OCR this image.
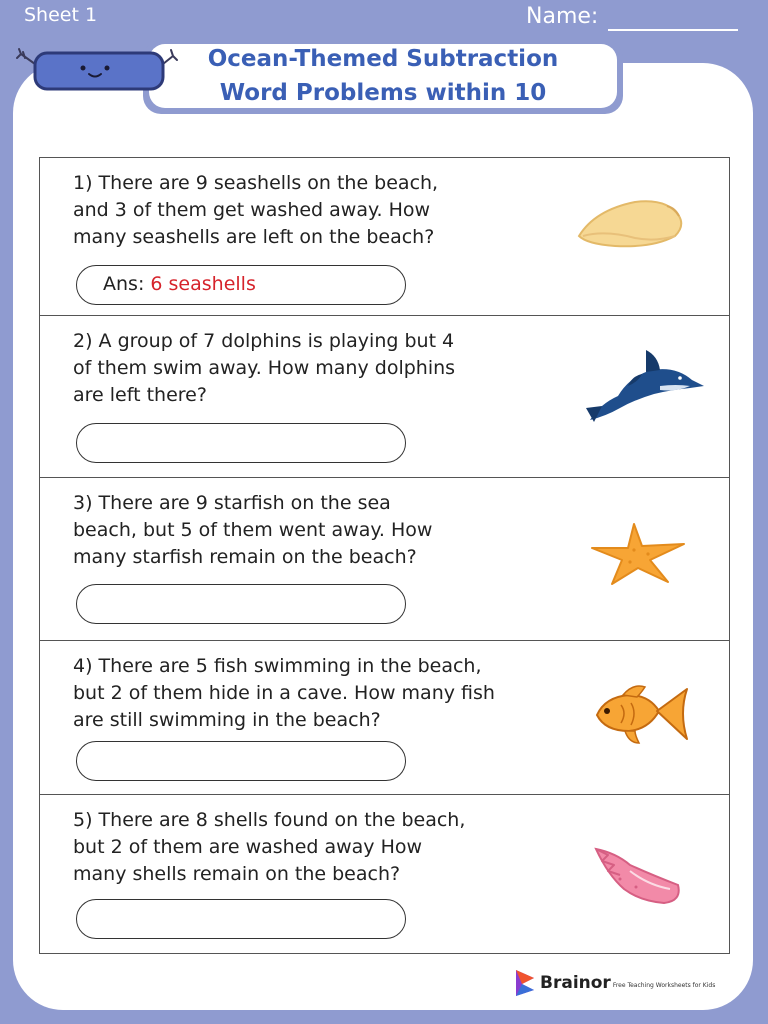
Sheet 1	Name:
Ocean-Themed Subtraction
Word Problems within 10
1) There are 9 seashells on the beach,
and 3 of them get washed away. How
many seashells are left on the beach?
Ans: 6 seashells
2) A group of 7 dolphins is playing but 4
of them swim away. How many dolphins
are left there?
3) There are 9 starfish on the sea
beach, but 5 of them went away. How
many starfish remain on the beach?
4) There are 5 fish swimming in the beach,
but 2 of them hide in a cave. How many fish
are still swimming in the beach?
5) There are 8 shells found on the beach,
but 2 of them are washed away How
many shells remain on the beach?
Brainor Free Teaching Worksheets for Kids
